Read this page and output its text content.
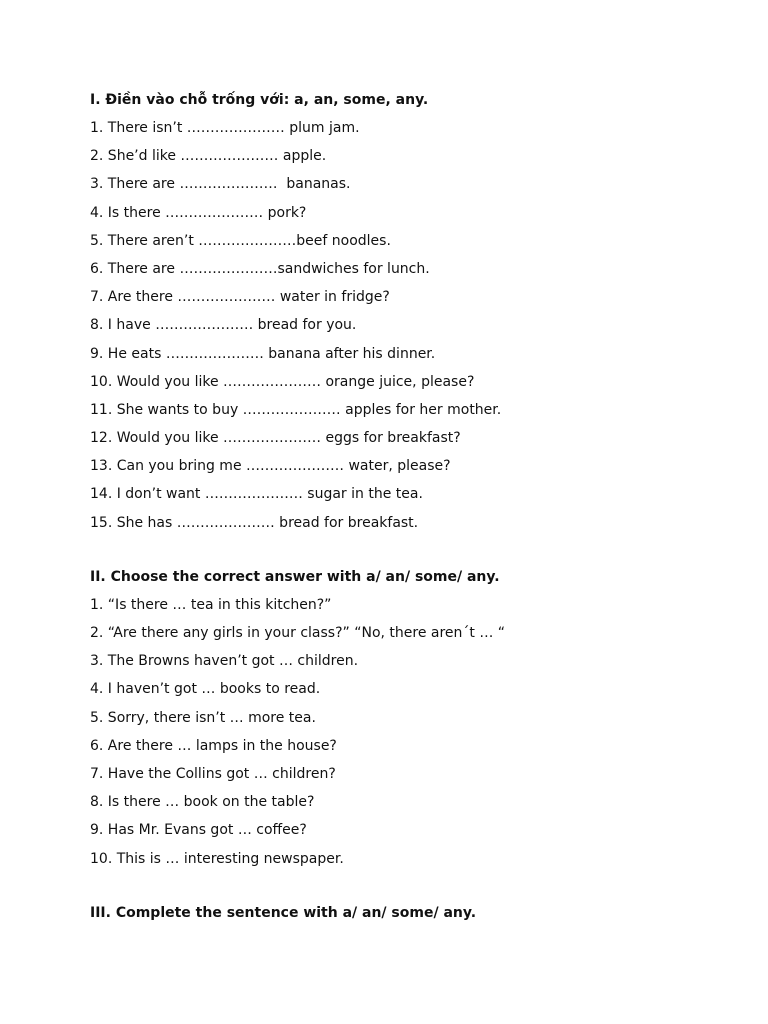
I. Điền vào chỗ trống với: a, an, some, any.

1. There isn’t ………………… plum jam.

2. She’d like ………………… apple.

3. There are …………………  bananas.

4. Is there ………………… pork?

5. There aren’t …………………beef noodles.

6. There are …………………sandwiches for lunch.

7. Are there ………………… water in fridge?

8. I have ………………… bread for you.

9. He eats ………………… banana after his dinner.

10. Would you like ………………… orange juice, please?

11. She wants to buy ………………… apples for her mother.

12. Would you like ………………… eggs for breakfast?

13. Can you bring me ………………… water, please?

14. I don’t want ………………… sugar in the tea.

15. She has ………………… bread for breakfast.

II. Choose the correct answer with a/ an/ some/ any.

1. “Is there … tea in this kitchen?”

2. “Are there any girls in your class?” “No, there aren´t … “

3. The Browns haven’t got … children.

4. I haven’t got … books to read.

5. Sorry, there isn’t … more tea.

6. Are there … lamps in the house?

7. Have the Collins got … children?

8. Is there … book on the table?

9. Has Mr. Evans got … coffee?

10. This is … interesting newspaper.

III. Complete the sentence with a/ an/ some/ any.
